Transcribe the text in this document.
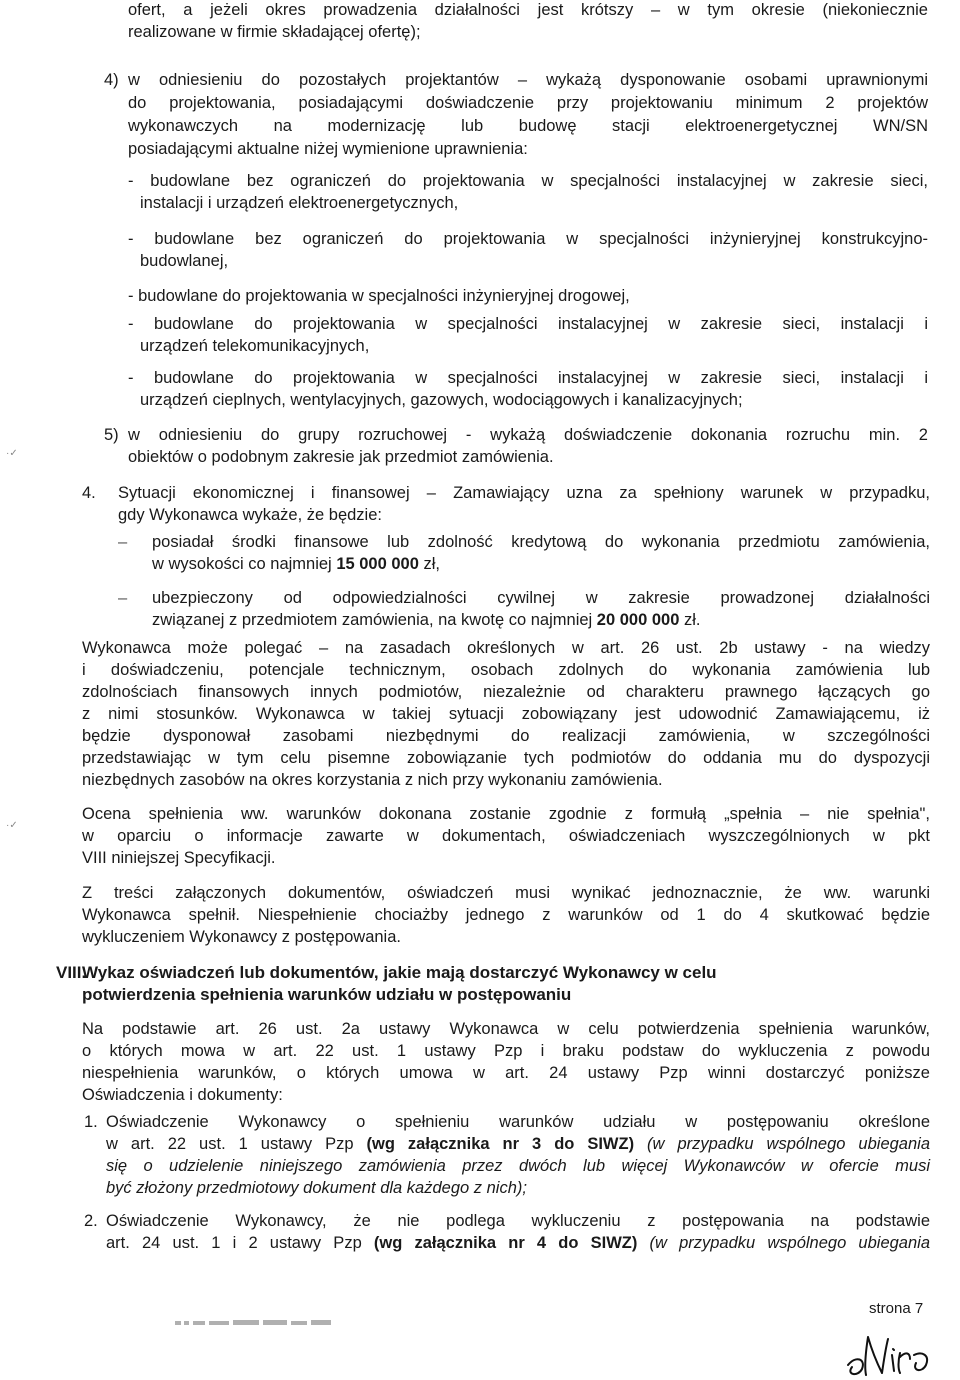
ofert, a jeżeli okres prowadzenia działalności jest krótszy – w tym okresie (niekoniecznie
realizowane w firmie składającej ofertę);
4) w odniesieniu do pozostałych projektantów – wykażą dysponowanie osobami uprawnionymi
do projektowania, posiadającymi doświadczenie przy projektowaniu minimum 2 projektów
wykonawczych na modernizację lub budowę stacji elektroenergetycznej WN/SN
posiadającymi aktualne niżej wymienione uprawnienia:
- budowlane bez ograniczeń do projektowania w specjalności instalacyjnej w zakresie sieci,
instalacji i urządzeń elektroenergetycznych,
- budowlane bez ograniczeń do projektowania w specjalności inżynieryjnej konstrukcyjno-
budowlanej,
- budowlane do projektowania w specjalności inżynieryjnej drogowej,
- budowlane do projektowania w specjalności instalacyjnej w zakresie sieci, instalacji i
urządzeń telekomunikacyjnych,
- budowlane do projektowania w specjalności instalacyjnej w zakresie sieci, instalacji i
urządzeń cieplnych, wentylacyjnych, gazowych, wodociągowych i kanalizacyjnych;
5) w odniesieniu do grupy rozruchowej - wykażą doświadczenie dokonania rozruchu min. 2
obiektów o podobnym zakresie jak przedmiot zamówienia.
4. Sytuacji ekonomicznej i finansowej – Zamawiający uzna za spełniony warunek w przypadku,
gdy Wykonawca wykaże, że będzie:
– posiadał środki finansowe lub zdolność kredytową do wykonania przedmiotu zamówienia,
w wysokości co najmniej 15 000 000 zł,
– ubezpieczony od odpowiedzialności cywilnej w zakresie prowadzonej działalności
związanej z przedmiotem zamówienia, na kwotę co najmniej 20 000 000 zł.
Wykonawca może polegać – na zasadach określonych w art. 26 ust. 2b ustawy - na wiedzy
i doświadczeniu, potencjale technicznym, osobach zdolnych do wykonania zamówienia lub
zdolnościach finansowych innych podmiotów, niezależnie od charakteru prawnego łączących go
z nimi stosunków. Wykonawca w takiej sytuacji zobowiązany jest udowodnić Zamawiającemu, iż
będzie dysponował zasobami niezbędnymi do realizacji zamówienia, w szczególności
przedstawiając w tym celu pisemne zobowiązanie tych podmiotów do oddania mu do dyspozycji
niezbędnych zasobów na okres korzystania z nich przy wykonaniu zamówienia.
Ocena spełnienia ww. warunków dokonana zostanie zgodnie z formułą „spełnia – nie spełnia",
w oparciu o informacje zawarte w dokumentach, oświadczeniach wyszczególnionych w pkt
VIII niniejszej Specyfikacji.
Z treści załączonych dokumentów, oświadczeń musi wynikać jednoznacznie, że ww. warunki
Wykonawca spełnił. Niespełnienie chociażby jednego z warunków od 1 do 4 skutkować będzie
wykluczeniem Wykonawcy z postępowania.
VIII.
Wykaz oświadczeń lub dokumentów, jakie mają dostarczyć Wykonawcy w celu
potwierdzenia spełnienia warunków udziału w postępowaniu
Na podstawie art. 26 ust. 2a ustawy Wykonawca w celu potwierdzenia spełnienia warunków,
o których mowa w art. 22 ust. 1 ustawy Pzp i braku podstaw do wykluczenia z powodu
niespełnienia warunków, o których umowa w art. 24 ustawy Pzp winni dostarczyć poniższe
Oświadczenia i dokumenty:
1. Oświadczenie Wykonawcy o spełnieniu warunków udziału w postępowaniu określone
w art. 22 ust. 1 ustawy Pzp (wg załącznika nr 3 do SIWZ) (w przypadku wspólnego ubiegania
się o udzielenie niniejszego zamówienia przez dwóch lub więcej Wykonawców w ofercie musi
być złożony przedmiotowy dokument dla każdego z nich);
2. Oświadczenie Wykonawcy, że nie podlega wykluczeniu z postępowania na podstawie
art. 24 ust. 1 i 2 ustawy Pzp (wg załącznika nr 4 do SIWZ) (w przypadku wspólnego ubiegania
·✓
·✓
strona 7
